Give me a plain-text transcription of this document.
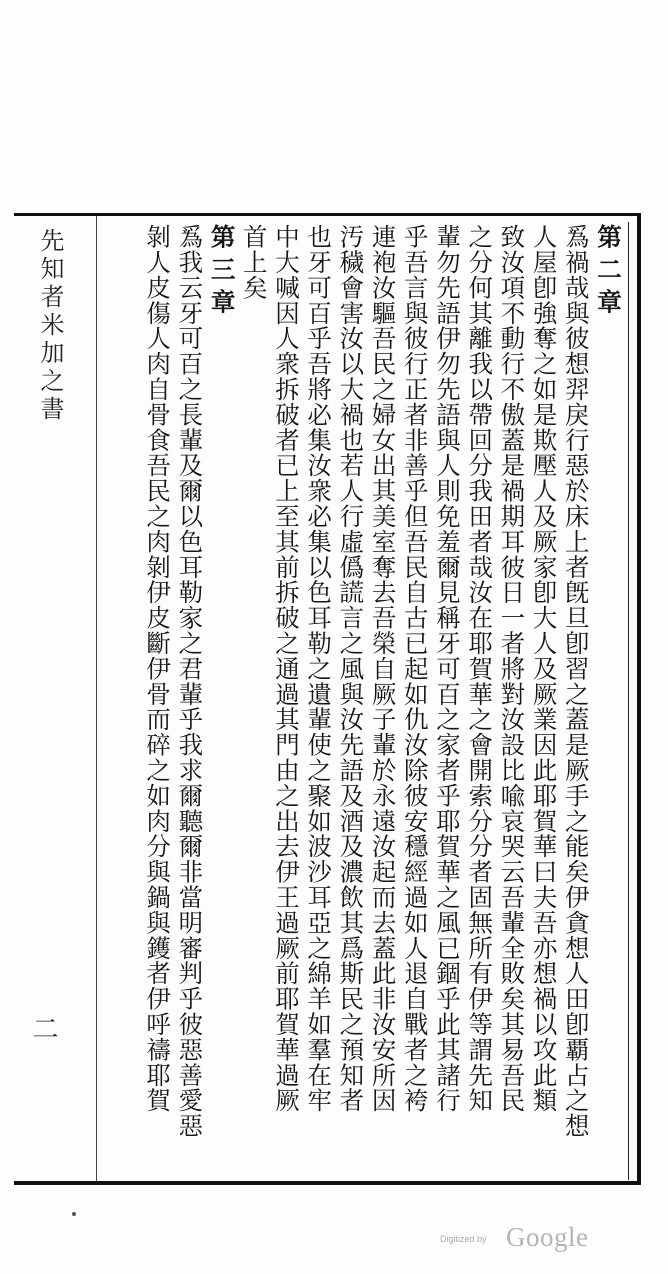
第二章

𤔡禍哉與彼想羿戾行惡於床上者旣旦卽習之蓋是厥手之能矣伊貪想人田卽覇占之想

人屋卽強奪之如是欺壓人及厥家卽大人及厥業因此耶賀華曰夫吾亦想禍以攻此類

致汝項不動行不傲蓋是禍期耳彼日一者將對汝設比喩哀哭云吾輩全敗矣其易吾民

之分何其離我以帶回分我田者哉汝在耶賀華之會開索分分者固無所有伊等謂先知

輩勿先語伊勿先語與人則免羞爾見稱牙可百之家者乎耶賀華之風已錮乎此其諸行

乎吾言與彼行正者非善乎但吾民自古已起如仇汝除彼安穩經過如人退自戰者之袴

連袍汝驅吾民之婦女出其美室奪去吾榮自厥子輩於永遠汝起而去蓋此非汝安所因

汚穢會害汝以大禍也若人行虛僞謊言之風與汝先語及酒及濃飲其爲斯民之預知者

也牙可百乎吾將必集汝衆必集以色耳勒之遺輩使之聚如波沙耳亞之綿羊如羣在牢

中大喊因人衆拆破者已上至其前拆破之通過其門由之出去伊王過厥前耶賀華過厥

首上矣

第三章

𤔡我云牙可百之長輩及爾以色耳勒家之君輩乎我求爾聽爾非當明審判乎彼惡善愛惡

剝人皮傷人肉自骨食吾民之肉剝伊皮斷伊骨而碎之如肉分與鍋與鑊者伊呼禱耶賀

先知者米加之書
二
Digitized by Google
